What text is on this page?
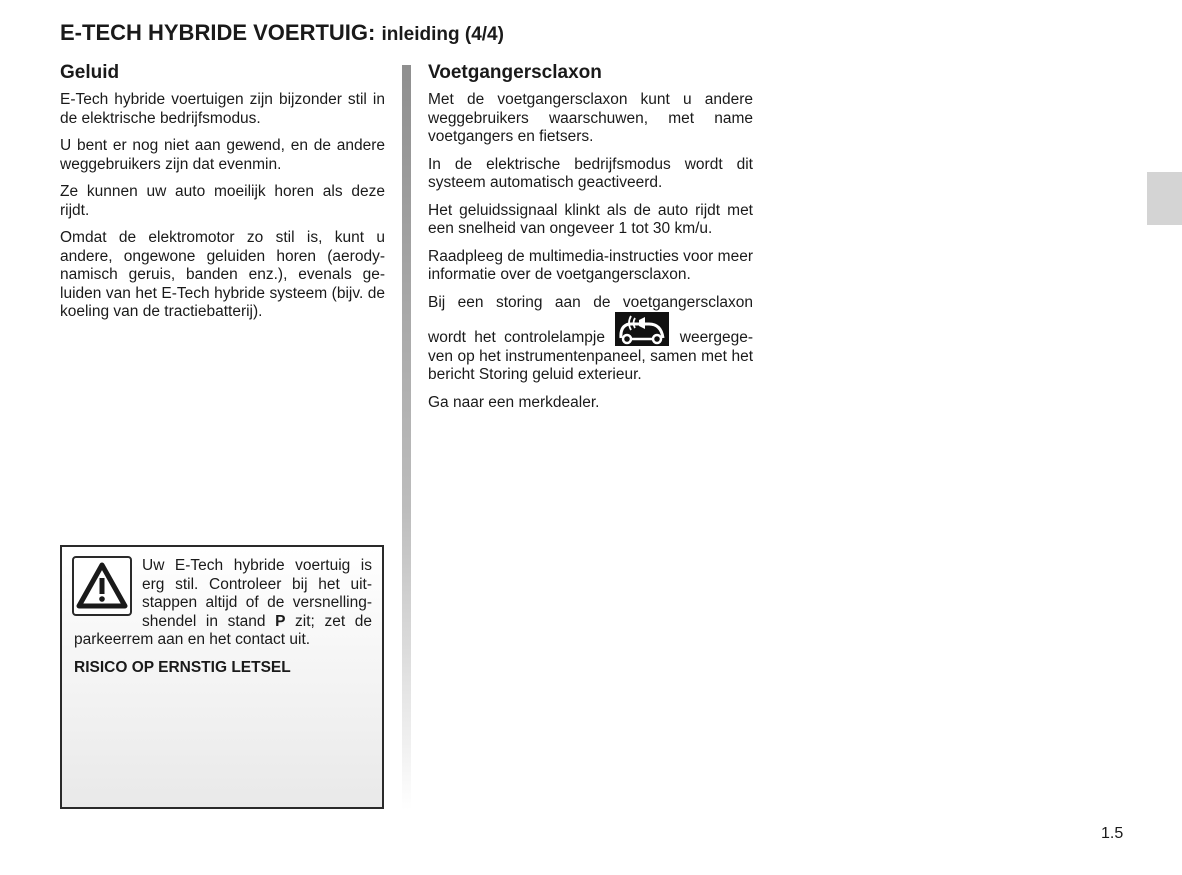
E-TECH HYBRIDE VOERTUIG: inleiding (4/4)
Geluid

E-Tech hybride voertuigen zijn bijzonder stil in de elektrische bedrijfsmodus.

U bent er nog niet aan gewend, en de andere weggebruikers zijn dat evenmin.

Ze kunnen uw auto moeilijk horen als deze rijdt.

Omdat de elektromotor zo stil is, kunt u andere, ongewone geluiden horen (aerodynamisch geruis, banden enz.), evenals geluiden van het E-Tech hybride systeem (bijv. de koeling van de tractiebatterij).

Uw E-Tech hybride voertuig is erg stil. Controleer bij het uitstappen altijd of de versnellingshendel in stand P zit; zet de parkeerrem aan en het contact uit.
RISICO OP ERNSTIG LETSEL
Voetgangersclaxon

Met de voetgangersclaxon kunt u andere weggebruikers waarschuwen, met name voetgangers en fietsers.

In de elektrische bedrijfsmodus wordt dit systeem automatisch geactiveerd.

Het geluidssignaal klinkt als de auto rijdt met een snelheid van ongeveer 1 tot 30 km/u.

Raadpleeg de multimedia-instructies voor meer informatie over de voetgangersclaxon.

Bij een storing aan de voetgangersclaxon wordt het controlelampje	weergegeven op het instrumentenpaneel, samen met het bericht Storing geluid exterieur.

Ga naar een merkdealer.

1.5
